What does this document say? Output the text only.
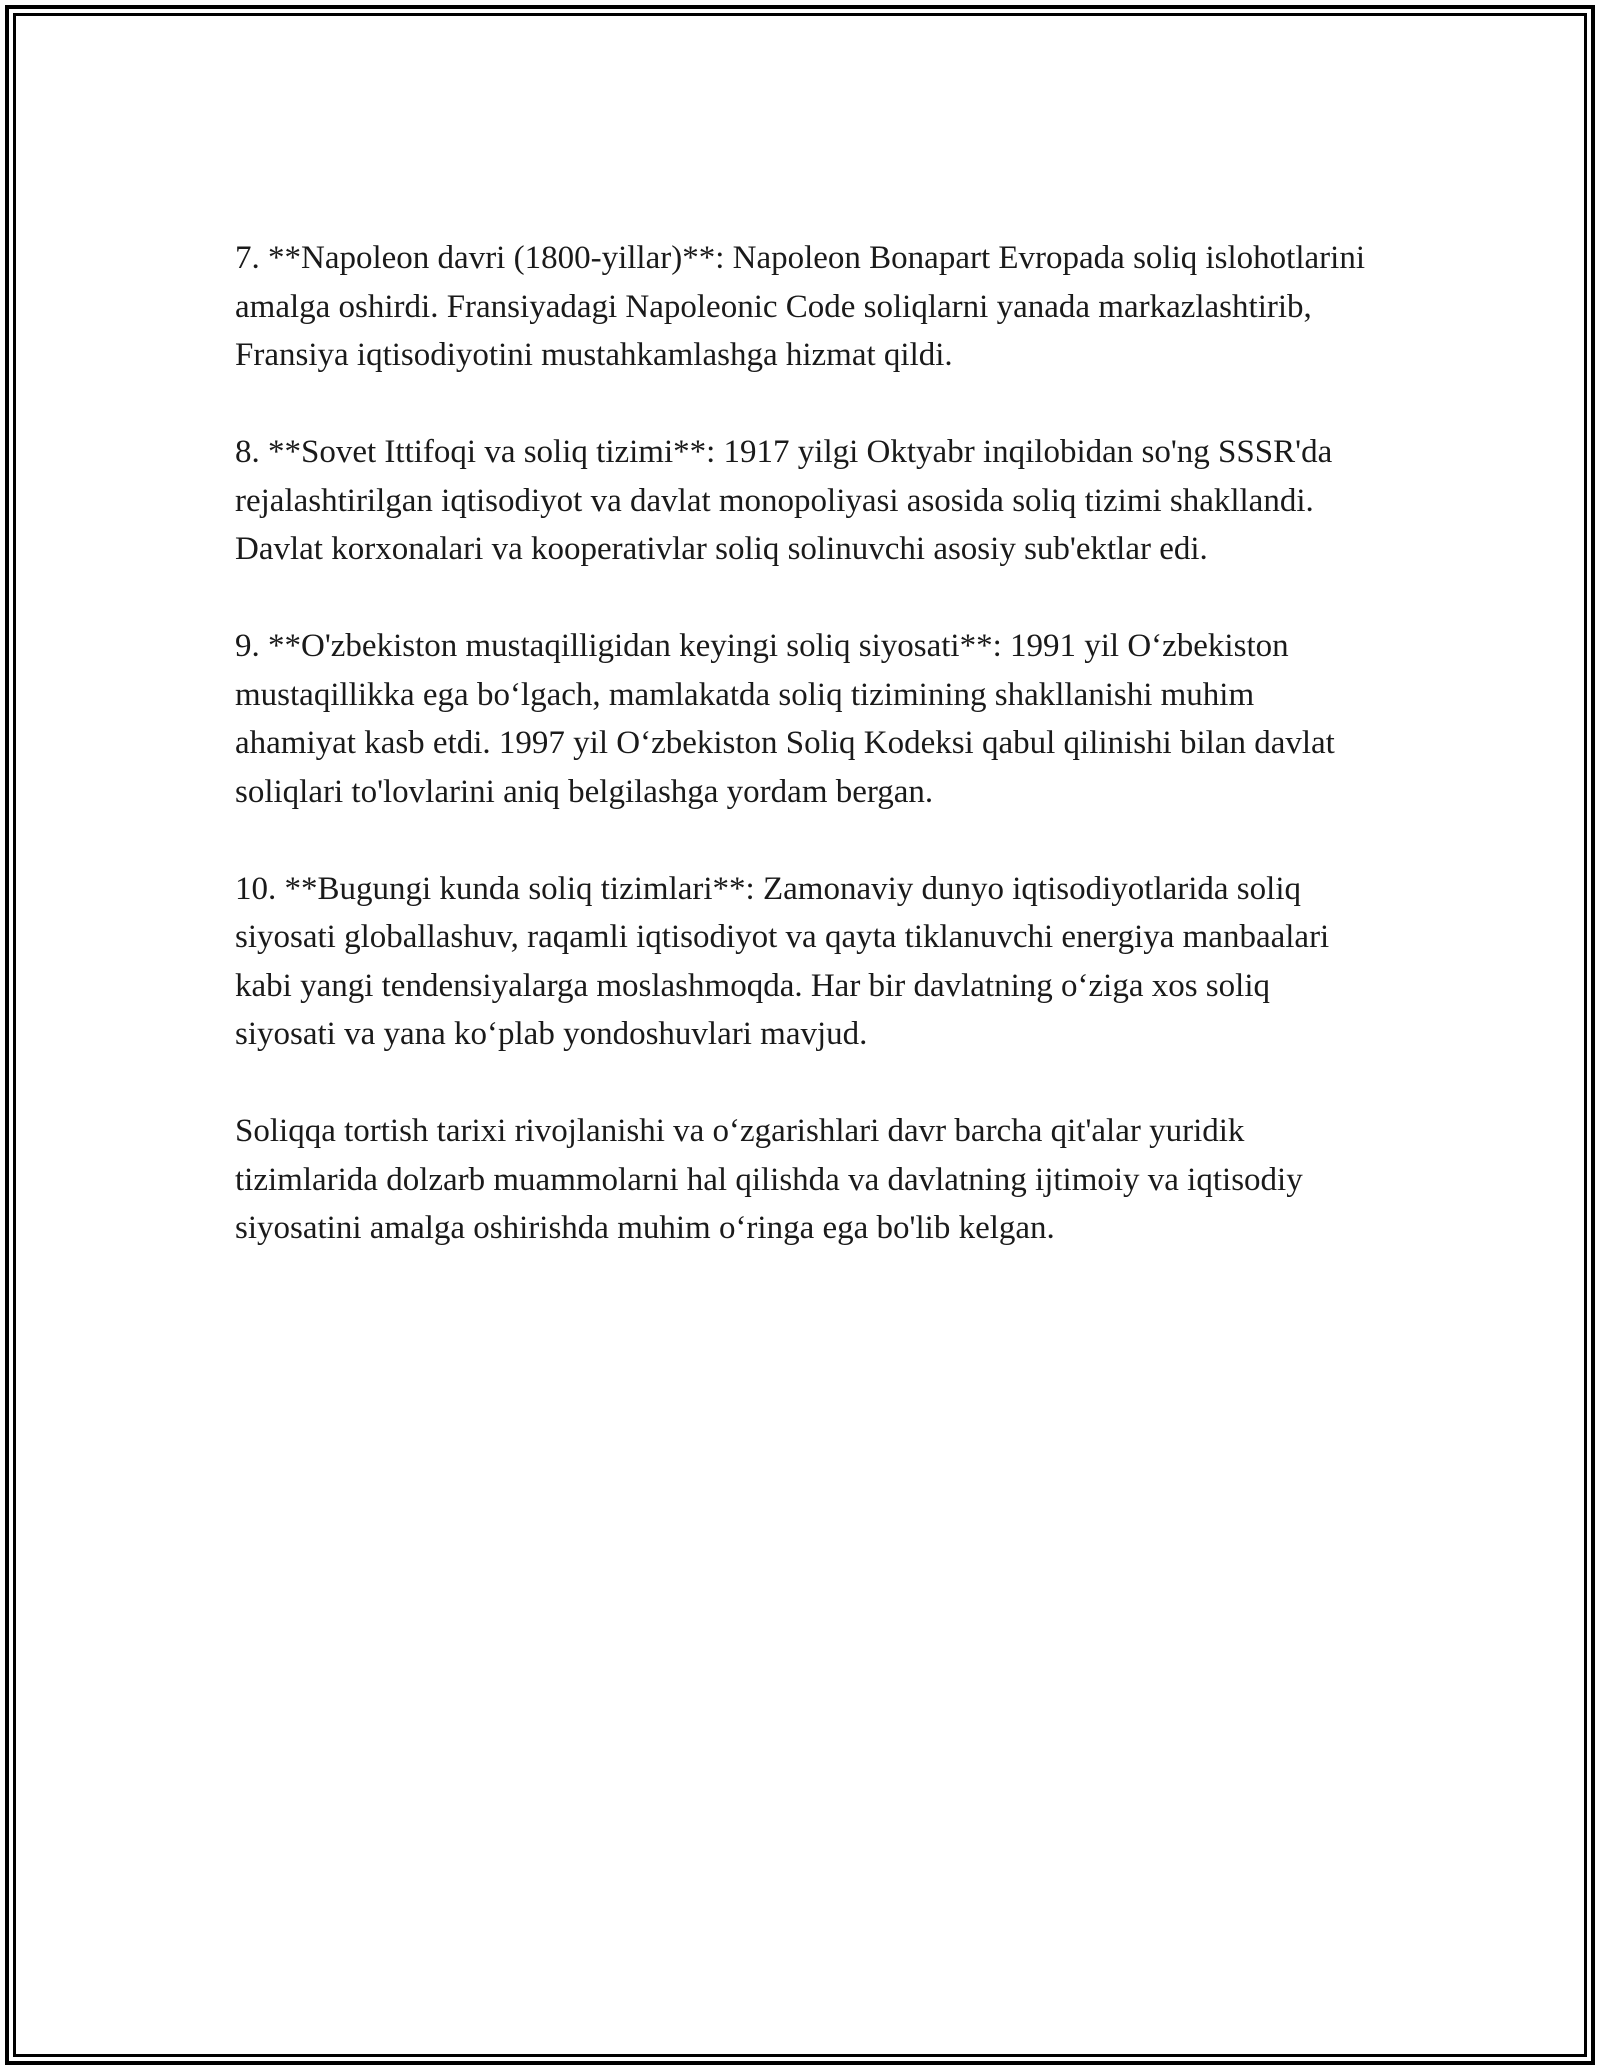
7. **Napoleon davri (1800-yillar)**: Napoleon Bonapart Evropada soliq islohotlarini amalga oshirdi. Fransiyadagi Napoleonic Code soliqlarni yanada markazlashtirib, Fransiya iqtisodiyotini mustahkamlashga hizmat qildi.

8. **Sovet Ittifoqi va soliq tizimi**: 1917 yilgi Oktyabr inqilobidan so'ng SSSR'da rejalashtirilgan iqtisodiyot va davlat monopoliyasi asosida soliq tizimi shakllandi. Davlat korxonalari va kooperativlar soliq solinuvchi asosiy sub'ektlar edi.

9. **O'zbekiston mustaqilligidan keyingi soliq siyosati**: 1991 yil O‘zbekiston mustaqillikka ega bo‘lgach, mamlakatda soliq tizimining shakllanishi muhim ahamiyat kasb etdi. 1997 yil O‘zbekiston Soliq Kodeksi qabul qilinishi bilan davlat soliqlari to'lovlarini aniq belgilashga yordam bergan.

10. **Bugungi kunda soliq tizimlari**: Zamonaviy dunyo iqtisodiyotlarida soliq siyosati globallashuv, raqamli iqtisodiyot va qayta tiklanuvchi energiya manbaalari kabi yangi tendensiyalarga moslashmoqda. Har bir davlatning o‘ziga xos soliq siyosati va yana ko‘plab yondoshuvlari mavjud.

Soliqqa tortish tarixi rivojlanishi va o‘zgarishlari davr barcha qit'alar yuridik tizimlarida dolzarb muammolarni hal qilishda va davlatning ijtimoiy va iqtisodiy siyosatini amalga oshirishda muhim o‘ringa ega bo'lib kelgan.
